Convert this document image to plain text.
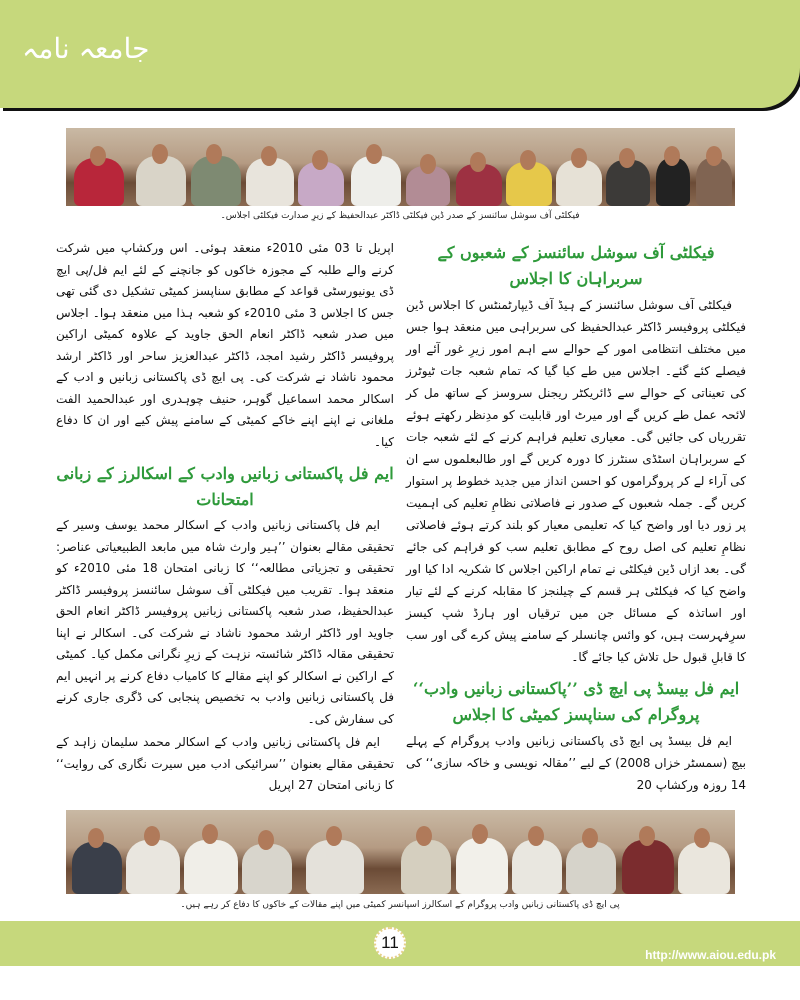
جامعہ نامہ
فیکلٹی آف سوشل سائنسز کے صدر ڈین فیکلٹی ڈاکٹر عبدالحفیظ کے زیرِ صدارت فیکلٹی اجلاس۔
فیکلٹی آف سوشل سائنسز کے شعبوں کے سربراہان کا اجلاس

فیکلٹی آف سوشل سائنسز کے ہیڈ آف ڈیپارٹمنٹس کا اجلاس ڈین فیکلٹی پروفیسر ڈاکٹر عبدالحفیظ کی سربراہی میں منعقد ہوا جس میں مختلف انتظامی امور کے حوالے سے اہم امور زیرِ غور آئے اور فیصلے کئے گئے۔ اجلاس میں طے کیا گیا کہ تمام شعبہ جات ٹیوٹرز کی تعیناتی کے حوالے سے ڈائریکٹر ریجنل سروسز کے ساتھ مل کر لائحہ عمل طے کریں گے اور میرٹ اور قابلیت کو مدِنظر رکھتے ہوئے تقرریاں کی جائیں گی۔ معیاری تعلیم فراہم کرنے کے لئے شعبہ جات کے سربراہان اسٹڈی سنٹرز کا دورہ کریں گے اور طالبعلموں سے ان کی آراء لے کر پروگراموں کو احسن انداز میں جدید خطوط پر استوار کریں گے۔ جملہ شعبوں کے صدور نے فاصلاتی نظامِ تعلیم کی اہمیت پر زور دیا اور واضح کیا کہ تعلیمی معیار کو بلند کرتے ہوئے فاصلاتی نظامِ تعلیم کی اصل روح کے مطابق تعلیم سب کو فراہم کی جائے گی۔ بعد ازاں ڈین فیکلٹی نے تمام اراکین اجلاس کا شکریہ ادا کیا اور واضح کیا کہ فیکلٹی ہر قسم کے چیلنجز کا مقابلہ کرنے کے لئے تیار اور اساتذہ کے مسائل جن میں ترقیاں اور ہارڈ شپ کیسز سرِفہرست ہیں، کو وائس چانسلر کے سامنے پیش کرے گی اور سب کا قابلِ قبول حل تلاش کیا جائے گا۔

ایم فل بیسڈ پی ایچ ڈی ’’پاکستانی زبانیں وادب‘‘ پروگرام کی سناپسز کمیٹی کا اجلاس

ایم فل بیسڈ پی ایچ ڈی پاکستانی زبانیں وادب پروگرام کے پہلے بیچ (سمسٹر خزاں 2008) کے لیے ’’مقالہ نویسی و خاکہ سازی‘‘ کی 14 روزہ ورکشاپ 20

اپریل تا 03 مئی 2010ء منعقد ہوئی۔ اس ورکشاپ میں شرکت کرنے والے طلبہ کے مجوزہ خاکوں کو جانچنے کے لئے ایم فل/پی ایچ ڈی یونیورسٹی قواعد کے مطابق سناپسز کمیٹی تشکیل دی گئی تھی جس کا اجلاس 3 مئی 2010ء کو شعبہ ہذا میں منعقد ہوا۔ اجلاس میں صدر شعبہ ڈاکٹر انعام الحق جاوید کے علاوہ کمیٹی اراکین پروفیسر ڈاکٹر رشید امجد، ڈاکٹر عبدالعزیز ساحر اور ڈاکٹر ارشد محمود ناشاد نے شرکت کی۔ پی ایچ ڈی پاکستانی زبانیں و ادب کے اسکالر محمد اسماعیل گوہر، حنیف چوہدری اور عبدالحمید الفت ملغانی نے اپنے اپنے خاکے کمیٹی کے سامنے پیش کیے اور ان کا دفاع کیا۔

ایم فل پاکستانی زبانیں وادب کے اسکالرز کے زبانی امتحانات

ایم فل پاکستانی زبانیں وادب کے اسکالر محمد یوسف وسیر کے تحقیقی مقالے بعنوان ’’ہیر وارث شاہ میں مابعد الطبیعیاتی عناصر: تحقیقی و تجزیاتی مطالعہ‘‘ کا زبانی امتحان 18 مئی 2010ء کو منعقد ہوا۔ تقریب میں فیکلٹی آف سوشل سائنسز پروفیسر ڈاکٹر عبدالحفیظ، صدر شعبہ پاکستانی زبانیں پروفیسر ڈاکٹر انعام الحق جاوید اور ڈاکٹر ارشد محمود ناشاد نے شرکت کی۔ اسکالر نے اپنا تحقیقی مقالہ ڈاکٹر شائستہ نزہت کے زیرِ نگرانی مکمل کیا۔ کمیٹی کے اراکین نے اسکالر کو اپنے مقالے کا کامیاب دفاع کرنے پر انہیں ایم فل پاکستانی زبانیں وادب بہ تخصیص پنجابی کی ڈگری جاری کرنے کی سفارش کی۔

ایم فل پاکستانی زبانیں وادب کے اسکالر محمد سلیمان زاہد کے تحقیقی مقالے بعنوان ’’سرائیکی ادب میں سیرت نگاری کی روایت‘‘ کا زبانی امتحان 27 اپریل

پی ایچ ڈی پاکستانی زبانیں وادب پروگرام کے اسکالرز اسپانسر کمیٹی میں اپنے مقالات کے خاکوں کا دفاع کر رہے ہیں۔
11
http://www.aiou.edu.pk
